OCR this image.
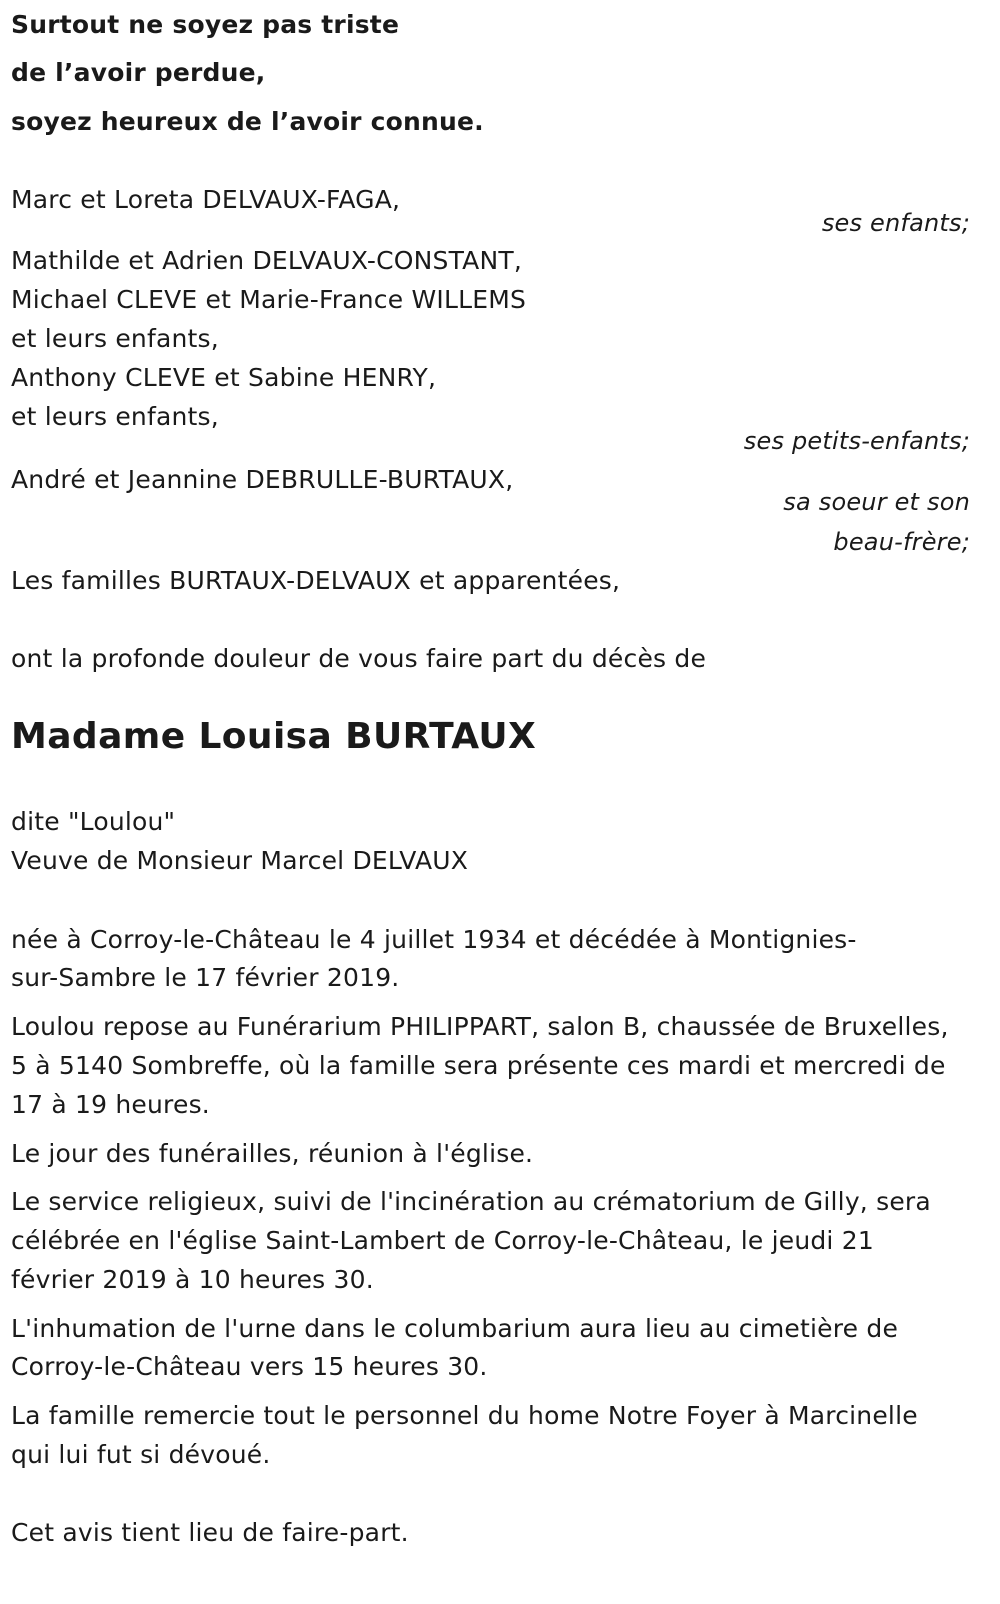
Surtout ne soyez pas triste
de l’avoir perdue,
soyez heureux de l’avoir connue.
Marc et Loreta DELVAUX-FAGA,
ses enfants;
Mathilde et Adrien DELVAUX-CONSTANT,
Michael CLEVE et Marie-France WILLEMS
et leurs enfants,
Anthony CLEVE et Sabine HENRY,
et leurs enfants,
ses petits-enfants;
André et Jeannine DEBRULLE-BURTAUX,
sa soeur et son
beau-frère;
Les familles BURTAUX-DELVAUX et apparentées,
ont la profonde douleur de vous faire part du décès de
Madame Louisa BURTAUX
dite "Loulou"
Veuve de Monsieur Marcel DELVAUX
née à Corroy-le-Château le 4 juillet 1934 et décédée à Montignies-
sur-Sambre le 17 février 2019.
Loulou repose au Funérarium PHILIPPART, salon B, chaussée de Bruxelles,
5 à 5140 Sombreffe, où la famille sera présente ces mardi et mercredi de
17 à 19 heures.
Le jour des funérailles, réunion à l'église.
Le service religieux, suivi de l'incinération au crématorium de Gilly, sera
célébrée en l'église Saint-Lambert de Corroy-le-Château, le jeudi 21
février 2019 à 10 heures 30.
L'inhumation de l'urne dans le columbarium aura lieu au cimetière de
Corroy-le-Château vers 15 heures 30.
La famille remercie tout le personnel du home Notre Foyer à Marcinelle
qui lui fut si dévoué.
Cet avis tient lieu de faire-part.
